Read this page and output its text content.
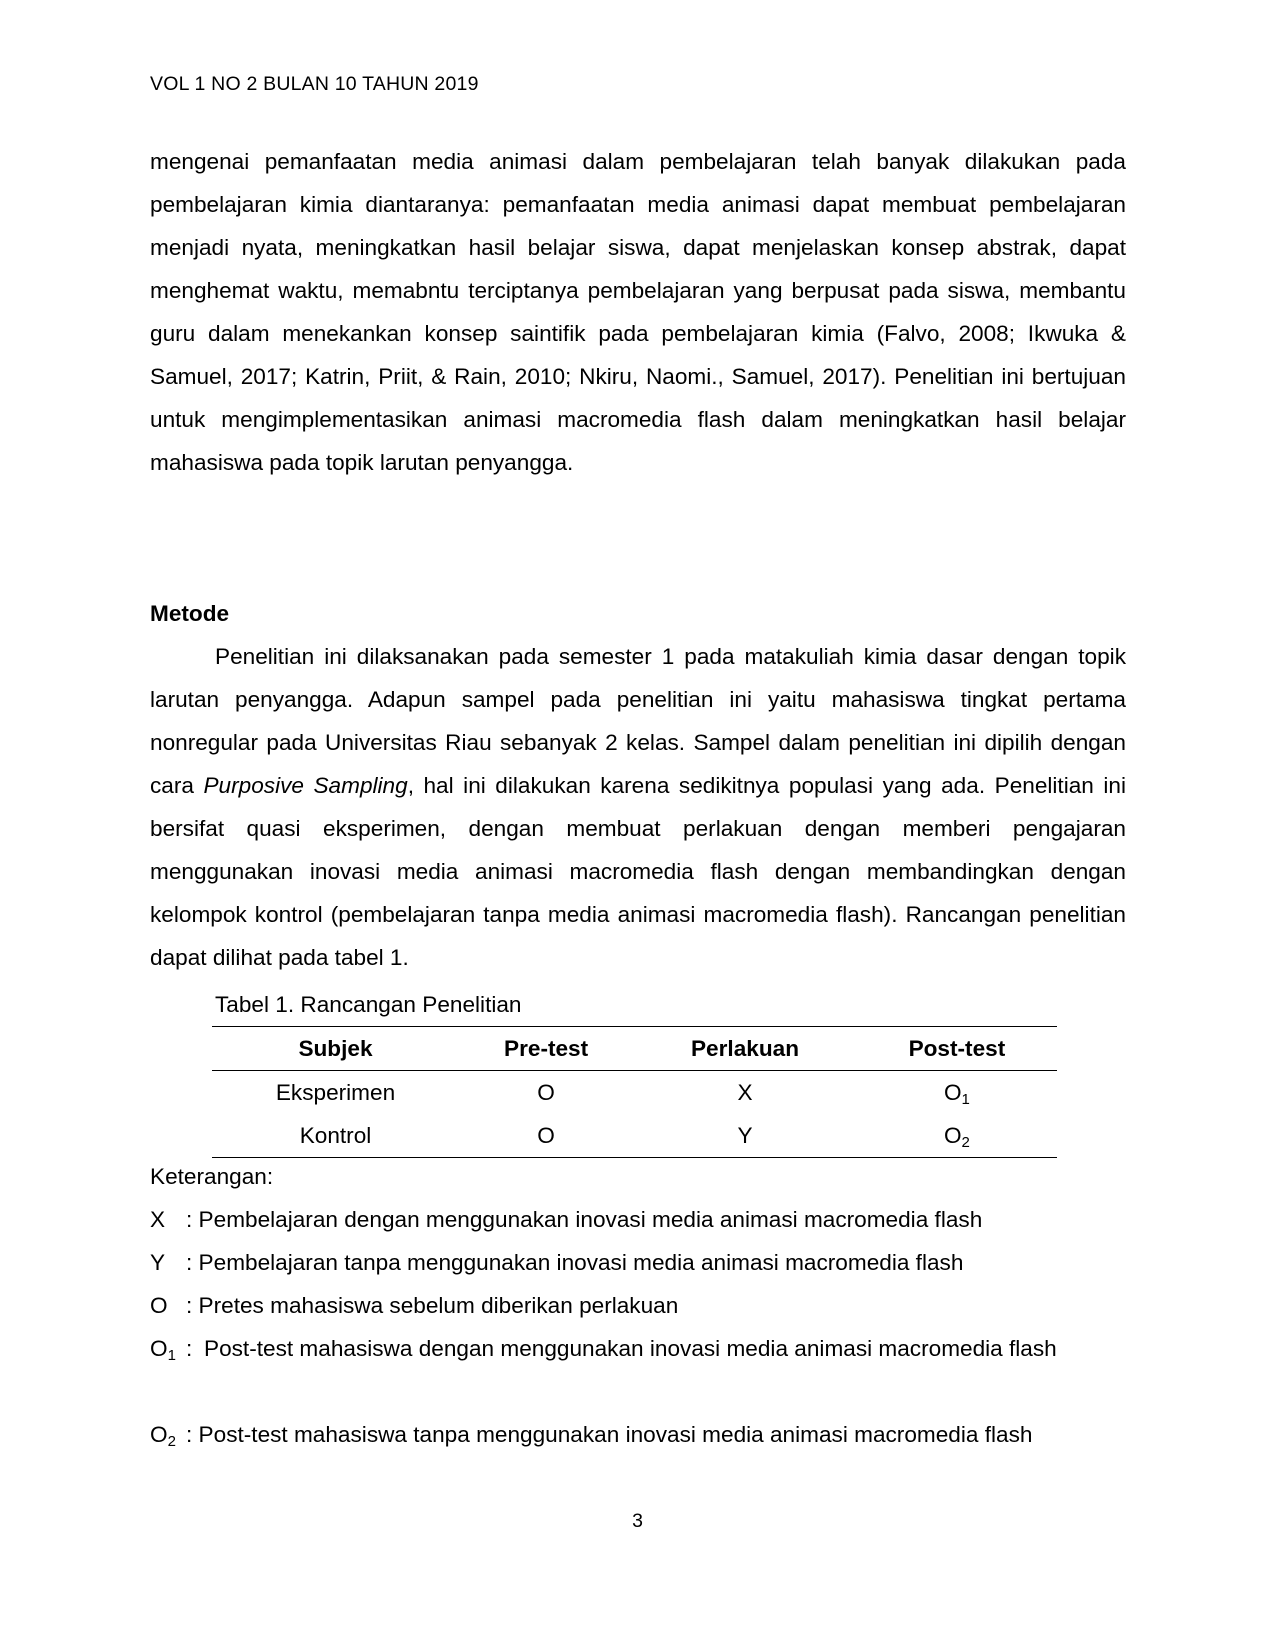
VOL 1 NO 2 BULAN 10 TAHUN 2019
mengenai pemanfaatan media animasi dalam pembelajaran telah banyak dilakukan pada pembelajaran kimia diantaranya: pemanfaatan media animasi dapat membuat pembelajaran menjadi nyata, meningkatkan hasil belajar siswa, dapat menjelaskan konsep abstrak, dapat menghemat waktu, memabntu terciptanya pembelajaran yang berpusat pada siswa, membantu guru dalam menekankan konsep saintifik pada pembelajaran kimia (Falvo, 2008; Ikwuka & Samuel, 2017; Katrin, Priit, & Rain, 2010; Nkiru, Naomi., Samuel, 2017). Penelitian ini bertujuan untuk mengimplementasikan animasi macromedia flash dalam meningkatkan hasil belajar mahasiswa pada topik larutan penyangga.
Metode
Penelitian ini dilaksanakan pada semester 1 pada matakuliah kimia dasar dengan topik larutan penyangga. Adapun sampel pada penelitian ini yaitu mahasiswa tingkat pertama nonregular pada Universitas Riau sebanyak 2 kelas. Sampel dalam penelitian ini dipilih dengan cara Purposive Sampling, hal ini dilakukan karena sedikitnya populasi yang ada. Penelitian ini bersifat quasi eksperimen, dengan membuat perlakuan dengan memberi pengajaran menggunakan inovasi media animasi macromedia flash dengan membandingkan dengan kelompok kontrol (pembelajaran tanpa media animasi macromedia flash). Rancangan penelitian dapat dilihat pada tabel 1.
Tabel 1. Rancangan Penelitian
Subjek	Pre-test	Perlakuan	Post-test
Eksperimen	O	X	$O_1$
Kontrol	O	Y	$O_2$
Keterangan:
X : Pembelajaran dengan menggunakan inovasi media animasi macromedia flash
Y : Pembelajaran tanpa menggunakan inovasi media animasi macromedia flash
O : Pretes mahasiswa sebelum diberikan perlakuan
$O_1$ : Post-test mahasiswa dengan menggunakan inovasi media animasi macromedia flash
$O_2$ : Post-test mahasiswa tanpa menggunakan inovasi media animasi macromedia flash
3
